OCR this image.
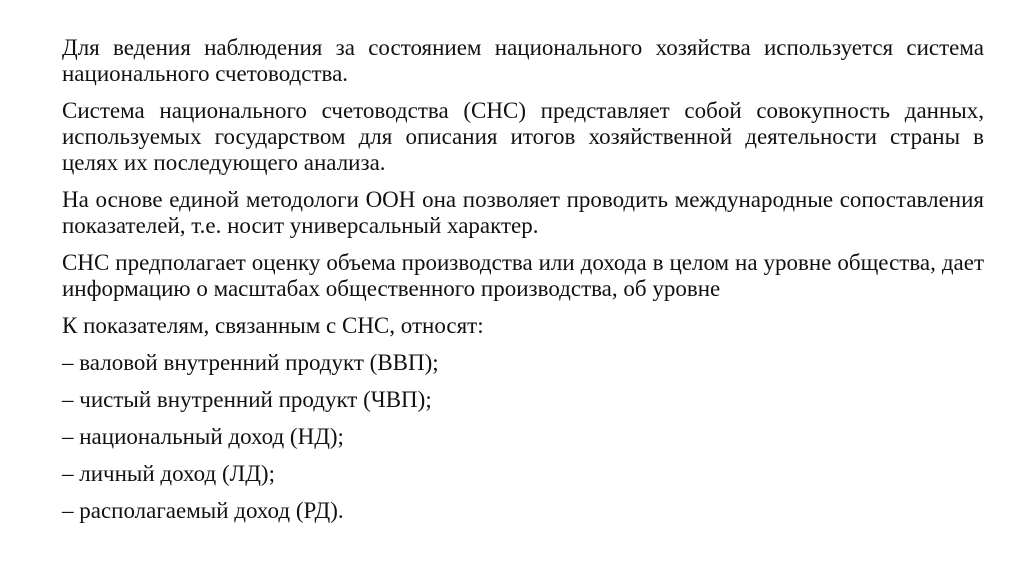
Для ведения наблюдения за состоянием национального хозяйства используется система национального счетоводства.

Система национального счетоводства (СНС) представляет собой совокупность данных, используемых государством для описания итогов хозяйственной деятельности страны в целях их последующего анализа.

На основе единой методологи ООН она позволяет проводить международные сопоставления показателей, т.е. носит универсальный характер.

СНС предполагает оценку объема производства или дохода в целом на уровне общества, дает информацию о масштабах общественного производства, об уровне

К показателям, связанным с СНС, относят:

– валовой внутренний продукт (ВВП);

– чистый внутренний продукт (ЧВП);

– национальный доход (НД);

– личный доход (ЛД);

– располагаемый доход (РД).
